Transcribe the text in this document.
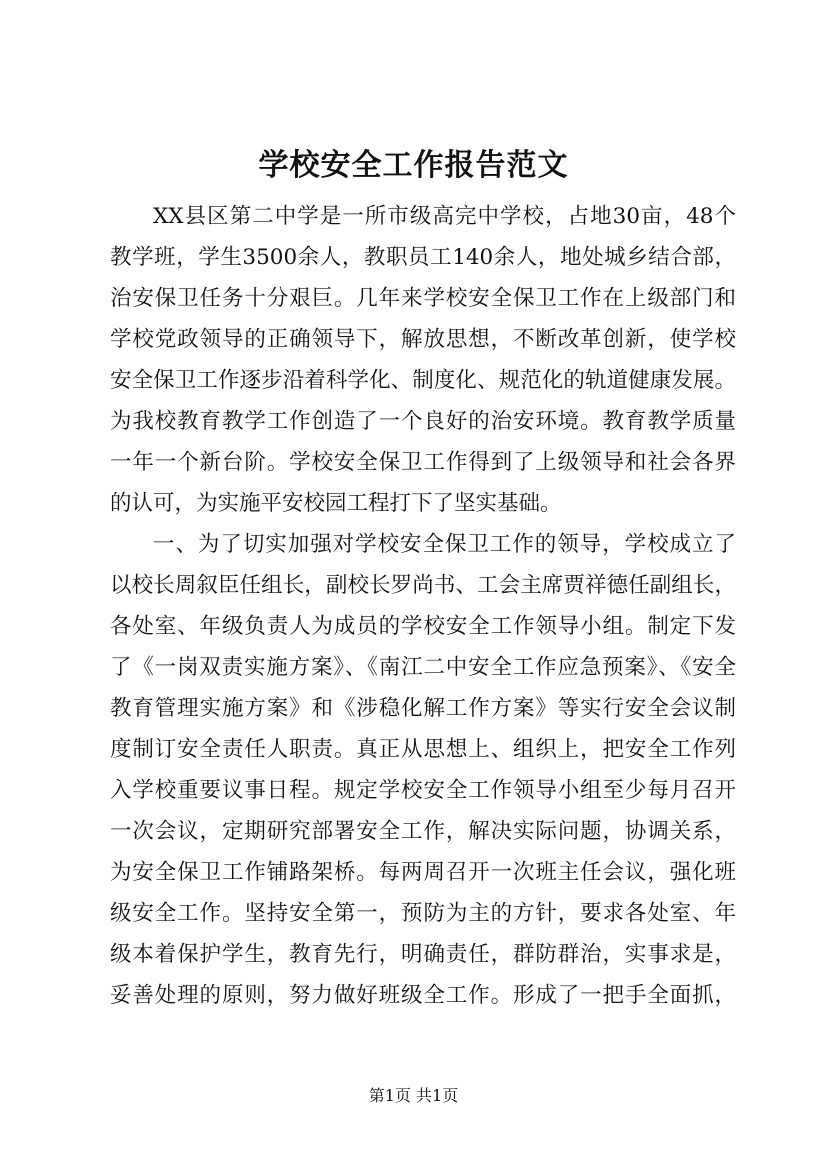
学校安全工作报告范文
XX县区第二中学是一所市级高完中学校，占地30亩，48个
教学班，学生3500余人，教职员工140余人，地处城乡结合部，
治安保卫任务十分艰巨。几年来学校安全保卫工作在上级部门和
学校党政领导的正确领导下，解放思想，不断改革创新，使学校
安全保卫工作逐步沿着科学化、制度化、规范化的轨道健康发展。
为我校教育教学工作创造了一个良好的治安环境。教育教学质量
一年一个新台阶。学校安全保卫工作得到了上级领导和社会各界
的认可，为实施平安校园工程打下了坚实基础。
一、为了切实加强对学校安全保卫工作的领导，学校成立了
以校长周叙臣任组长，副校长罗尚书、工会主席贾祥德任副组长，
各处室、年级负责人为成员的学校安全工作领导小组。制定下发
了《一岗双责实施方案》、《南江二中安全工作应急预案》、《安全
教育管理实施方案》和《涉稳化解工作方案》等实行安全会议制
度制订安全责任人职责。真正从思想上、组织上，把安全工作列
入学校重要议事日程。规定学校安全工作领导小组至少每月召开
一次会议，定期研究部署安全工作，解决实际问题，协调关系，
为安全保卫工作铺路架桥。每两周召开一次班主任会议，强化班
级安全工作。坚持安全第一，预防为主的方针，要求各处室、年
级本着保护学生，教育先行，明确责任，群防群治，实事求是，
妥善处理的原则，努力做好班级全工作。形成了一把手全面抓，
第1页 共1页
